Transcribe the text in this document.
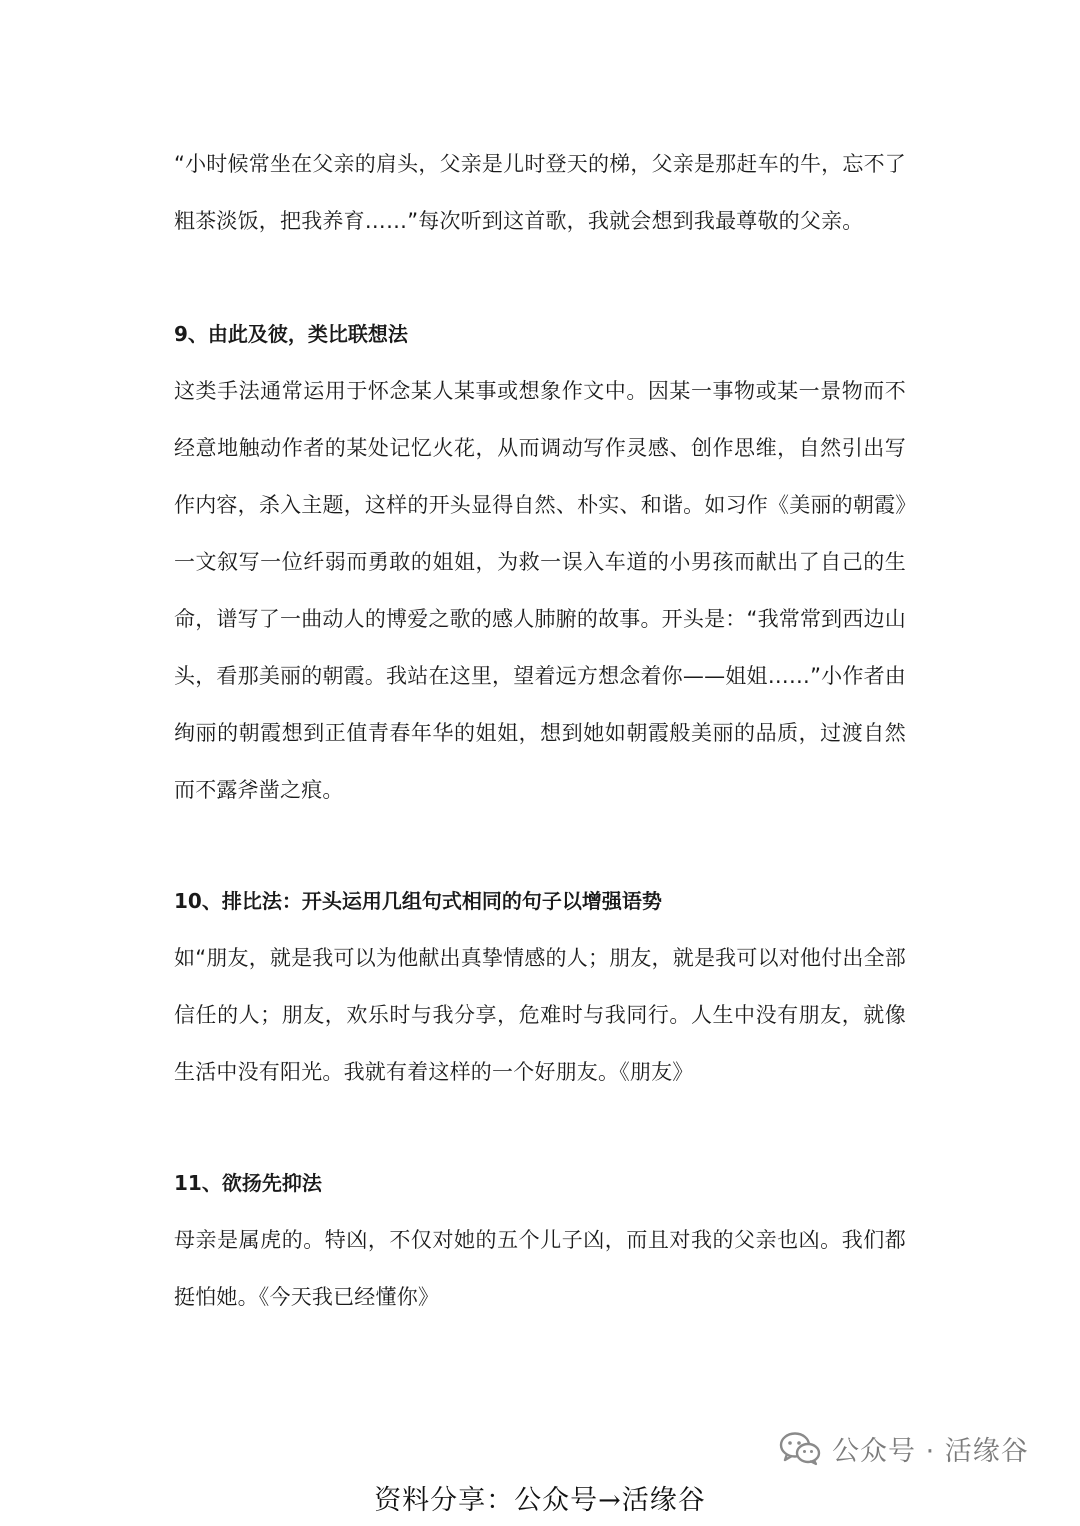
“小时候常坐在父亲的肩头，父亲是儿时登天的梯，父亲是那赶车的牛，忘不了粗茶淡饭，把我养育……”每次听到这首歌，我就会想到我最尊敬的父亲。

9、由此及彼，类比联想法

这类手法通常运用于怀念某人某事或想象作文中。因某一事物或某一景物而不经意地触动作者的某处记忆火花，从而调动写作灵感、创作思维，自然引出写作内容，杀入主题，这样的开头显得自然、朴实、和谐。如习作《美丽的朝霞》一文叙写一位纤弱而勇敢的姐姐，为救一误入车道的小男孩而献出了自己的生命，谱写了一曲动人的博爱之歌的感人肺腑的故事。开头是：“我常常到西边山头，看那美丽的朝霞。我站在这里，望着远方想念着你——姐姐……”小作者由绚丽的朝霞想到正值青春年华的姐姐，想到她如朝霞般美丽的品质，过渡自然而不露斧凿之痕。

10、排比法：开头运用几组句式相同的句子以增强语势

如“朋友，就是我可以为他献出真挚情感的人；朋友，就是我可以对他付出全部信任的人；朋友，欢乐时与我分享，危难时与我同行。人生中没有朋友，就像生活中没有阳光。我就有着这样的一个好朋友。《朋友》

11、欲扬先抑法

母亲是属虎的。特凶，不仅对她的五个儿子凶，而且对我的父亲也凶。我们都挺怕她。《今天我已经懂你》

公众号 · 活缘谷
资料分享：公众号→活缘谷
